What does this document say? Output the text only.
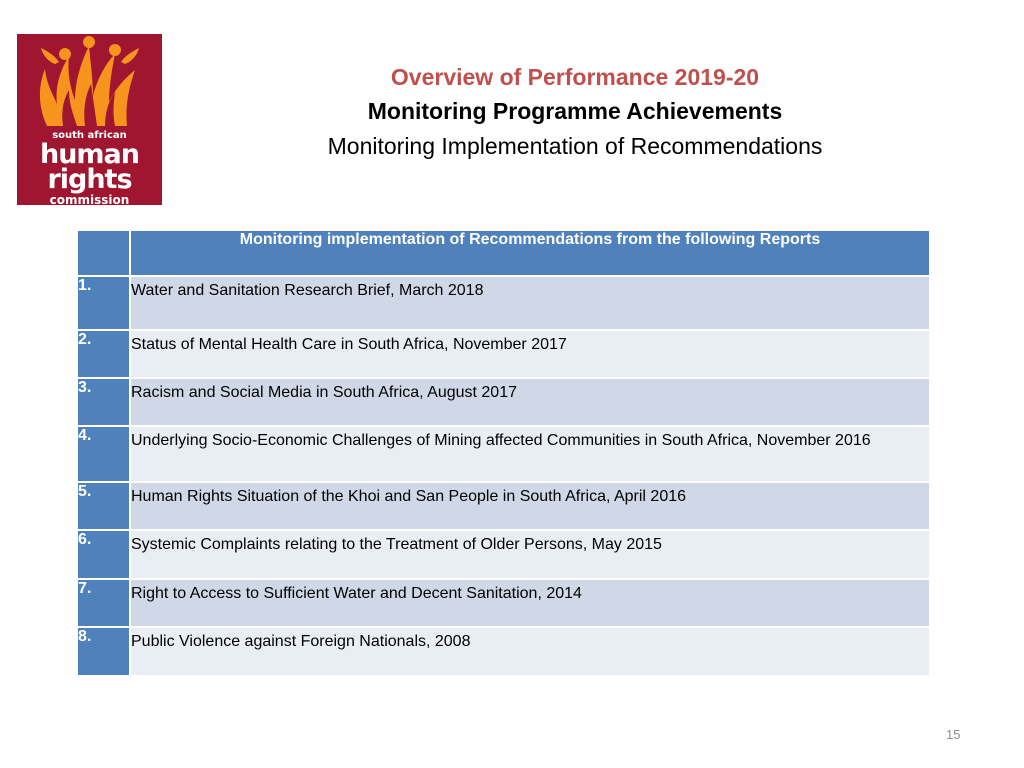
south african
human
rights
commission
Overview of Performance 2019-20
Monitoring Programme Achievements
Monitoring Implementation of Recommendations
	Monitoring implementation of Recommendations from the following Reports
1.	Water and Sanitation Research Brief, March 2018
2.	Status of Mental Health Care in South Africa, November 2017
3.	Racism and Social Media in South Africa, August 2017
4.	Underlying Socio-Economic Challenges of Mining affected Communities in South Africa, November 2016
5.	Human Rights Situation of the Khoi and San People in South Africa, April 2016
6.	Systemic Complaints relating to the Treatment of Older Persons, May 2015
7.	Right to Access to Sufficient Water and Decent Sanitation, 2014
8.	Public Violence against Foreign Nationals, 2008
15
